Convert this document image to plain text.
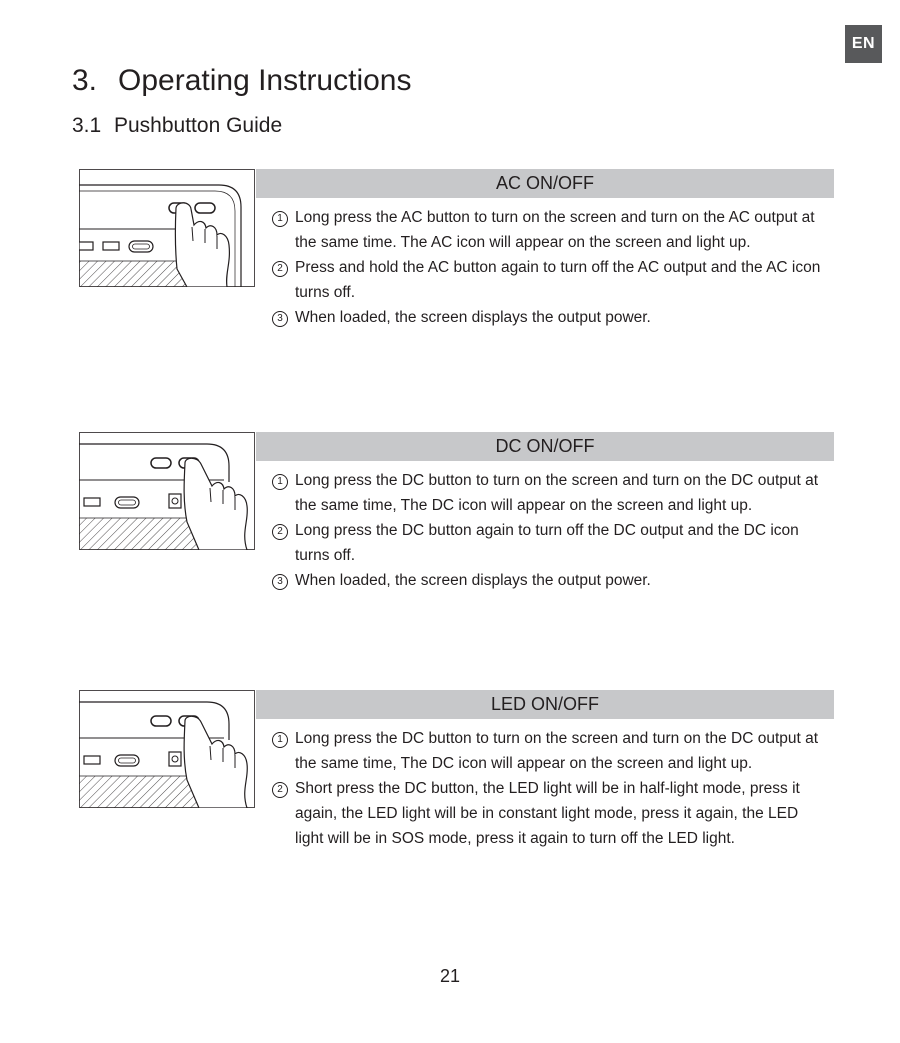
EN
3. Operating Instructions
3.1 Pushbutton Guide
AC ON/OFF
1 Long press the AC button to turn on the screen and turn on the AC output at the same time. The AC icon will appear on the screen and light up.
2 Press and hold the AC button again to turn off the AC output and the AC icon turns off.
3 When loaded, the screen displays the output power.
DC ON/OFF
1 Long press the DC button to turn on the screen and turn on the DC output at the same time, The DC icon will appear on the screen and light up.
2 Long press the DC button again to turn off the DC output and the DC icon turns off.
3 When loaded, the screen displays the output power.
LED ON/OFF
1 Long press the DC button to turn on the screen and turn on the DC output at the same time, The DC icon will appear on the screen and light up.
2 Short press the DC button, the LED light will be in half-light mode, press it again, the LED light will be in constant light mode, press it again, the LED light will be in SOS mode, press it again to turn off the LED light.
21
